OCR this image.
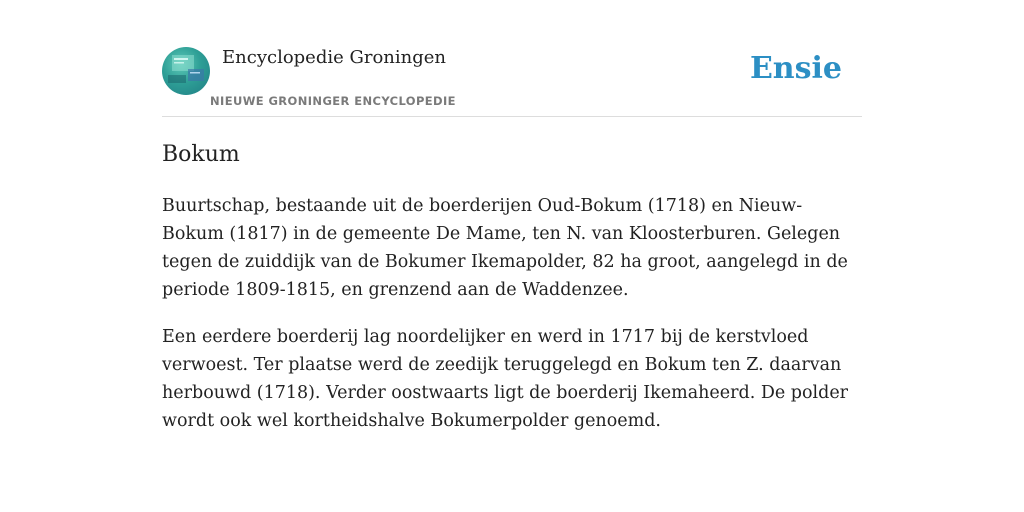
Encyclopedie Groningen
NIEUWE GRONINGER ENCYCLOPEDIE
Ensie
Bokum

Buurtschap, bestaande uit de boerderijen Oud-Bokum (1718) en Nieuw-Bokum (1817) in de gemeente De Mame, ten N. van Kloosterburen. Gelegen tegen de zuiddijk van de Bokumer Ikemapolder, 82 ha groot, aangelegd in de periode 1809-1815, en grenzend aan de Waddenzee.

Een eerdere boerderij lag noordelijker en werd in 1717 bij de kerstvloed verwoest. Ter plaatse werd de zeedijk teruggelegd en Bokum ten Z. daarvan herbouwd (1718). Verder oostwaarts ligt de boerderij Ikemaheerd. De polder wordt ook wel kortheidshalve Bokumerpolder genoemd.
